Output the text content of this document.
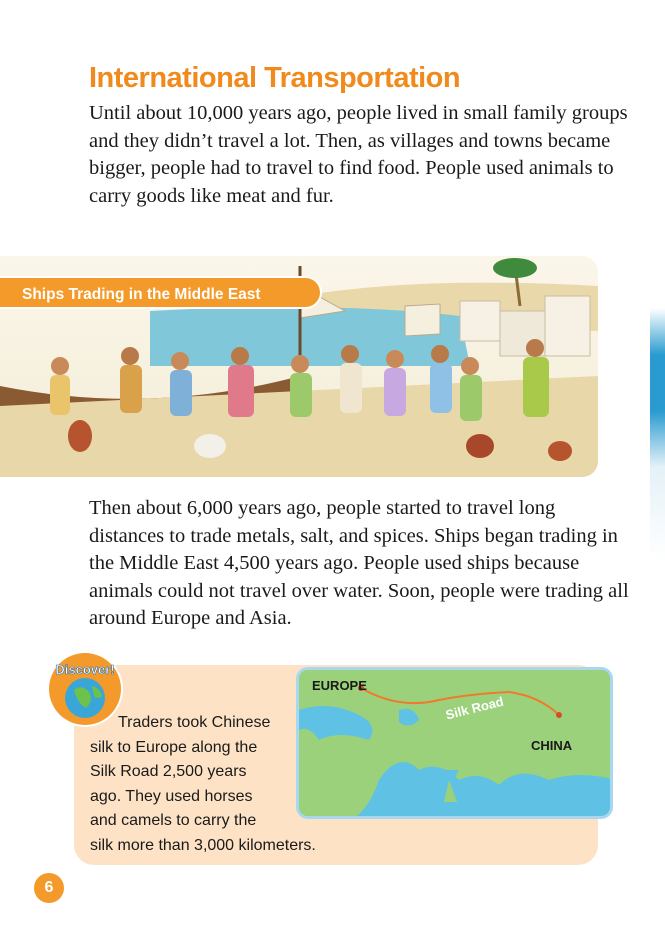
International Transportation

Until about 10,000 years ago, people lived in small family groups and they didn’t travel a lot. Then, as villages and towns became bigger, people had to travel to find food. People used animals to carry goods like meat and fur.

Ships Trading in the Middle East

Then about 6,000 years ago, people started to travel long distances to trade metals, salt, and spices. Ships began trading in the Middle East 4,500 years ago. People used ships because animals could not travel over water. Soon, people were trading all around Europe and Asia.

Discover!

Traders took Chinese
silk to Europe along the
Silk Road 2,500 years
ago. They used horses
and camels to carry the
silk more than 3,000 kilometers.

EUROPE
Silk Road
CHINA
6
